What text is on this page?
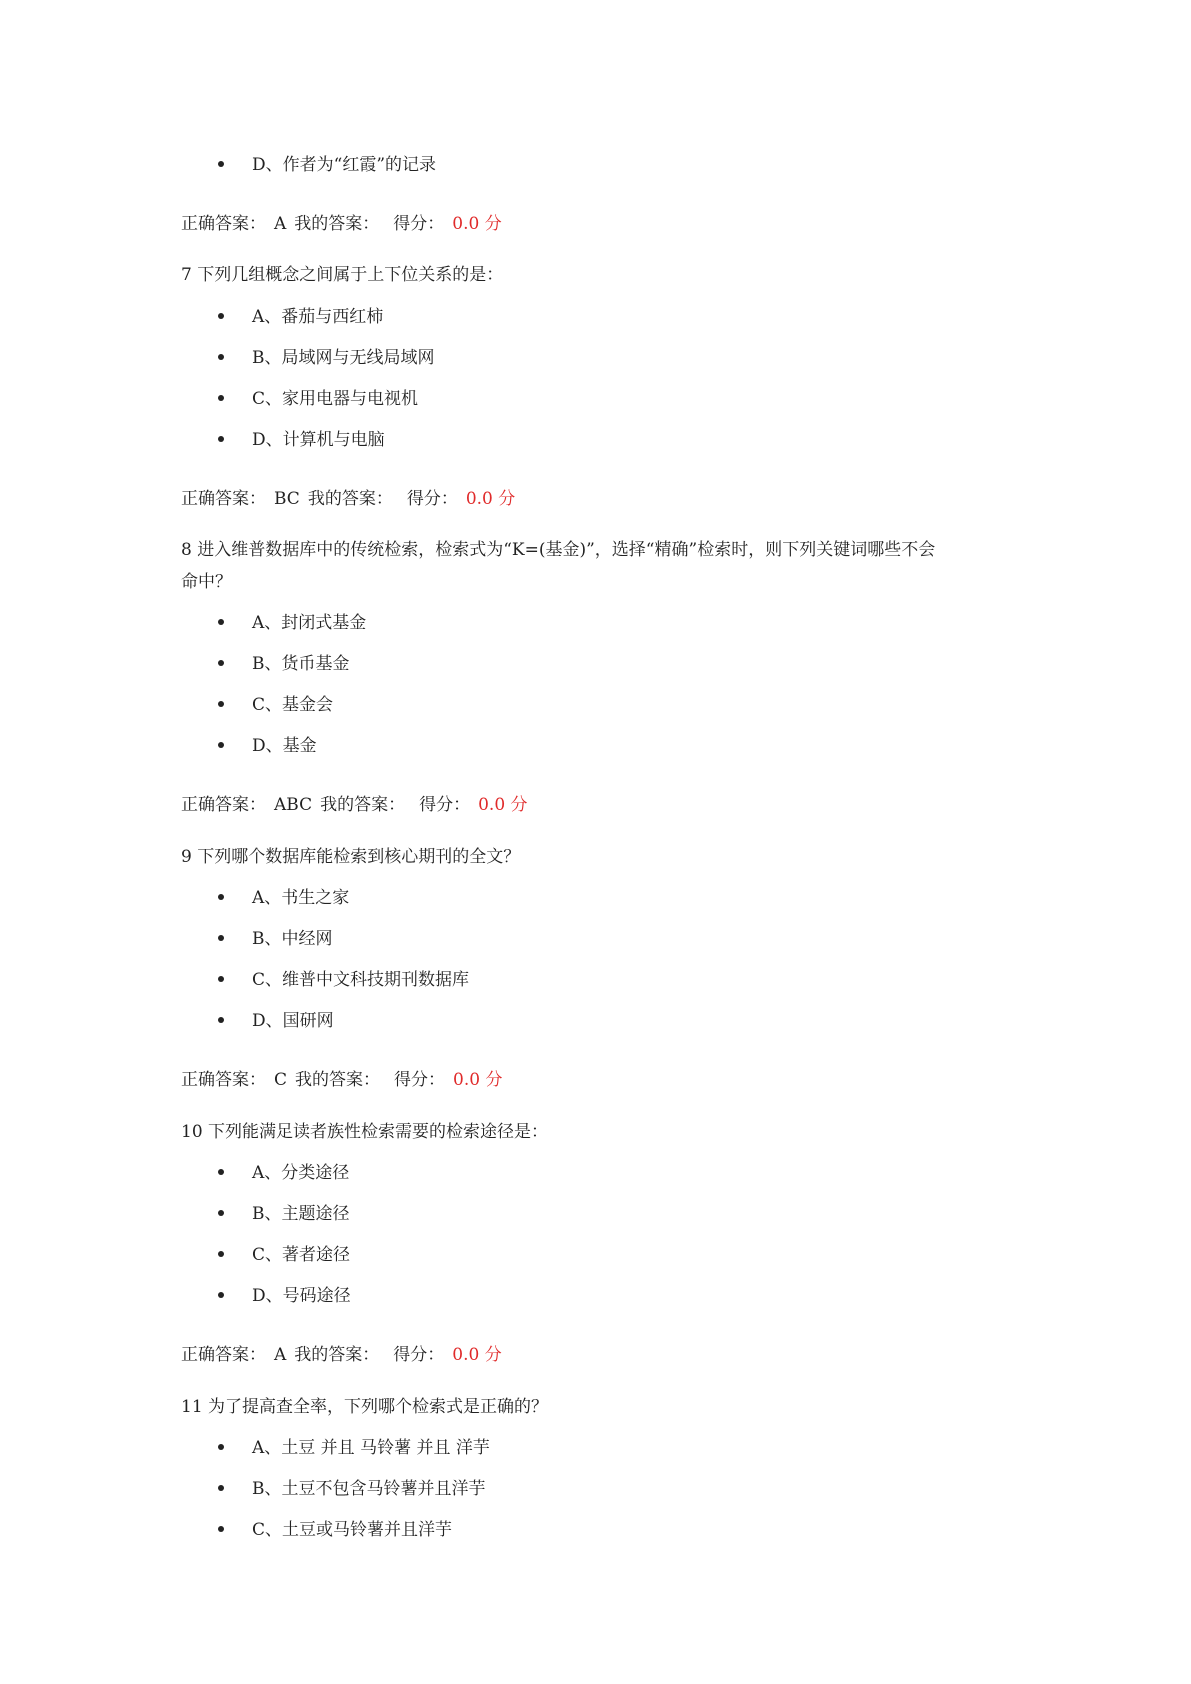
D、作者为“红霞”的记录
正确答案： A 我的答案： 得分： 0.0 分
7 下列几组概念之间属于上下位关系的是：
A、番茄与西红柿
B、局域网与无线局域网
C、家用电器与电视机
D、计算机与电脑
正确答案： BC 我的答案： 得分： 0.0 分
8 进入维普数据库中的传统检索，检索式为“K=(基金)”，选择“精确”检索时，则下列关键词哪些不会
命中？
A、封闭式基金
B、货币基金
C、基金会
D、基金
正确答案： ABC 我的答案： 得分： 0.0 分
9 下列哪个数据库能检索到核心期刊的全文？
A、书生之家
B、中经网
C、维普中文科技期刊数据库
D、国研网
正确答案： C 我的答案： 得分： 0.0 分
10 下列能满足读者族性检索需要的检索途径是：
A、分类途径
B、主题途径
C、著者途径
D、号码途径
正确答案： A 我的答案： 得分： 0.0 分
11 为了提高查全率，下列哪个检索式是正确的？
A、土豆 并且 马铃薯 并且 洋芋
B、土豆不包含马铃薯并且洋芋
C、土豆或马铃薯并且洋芋
